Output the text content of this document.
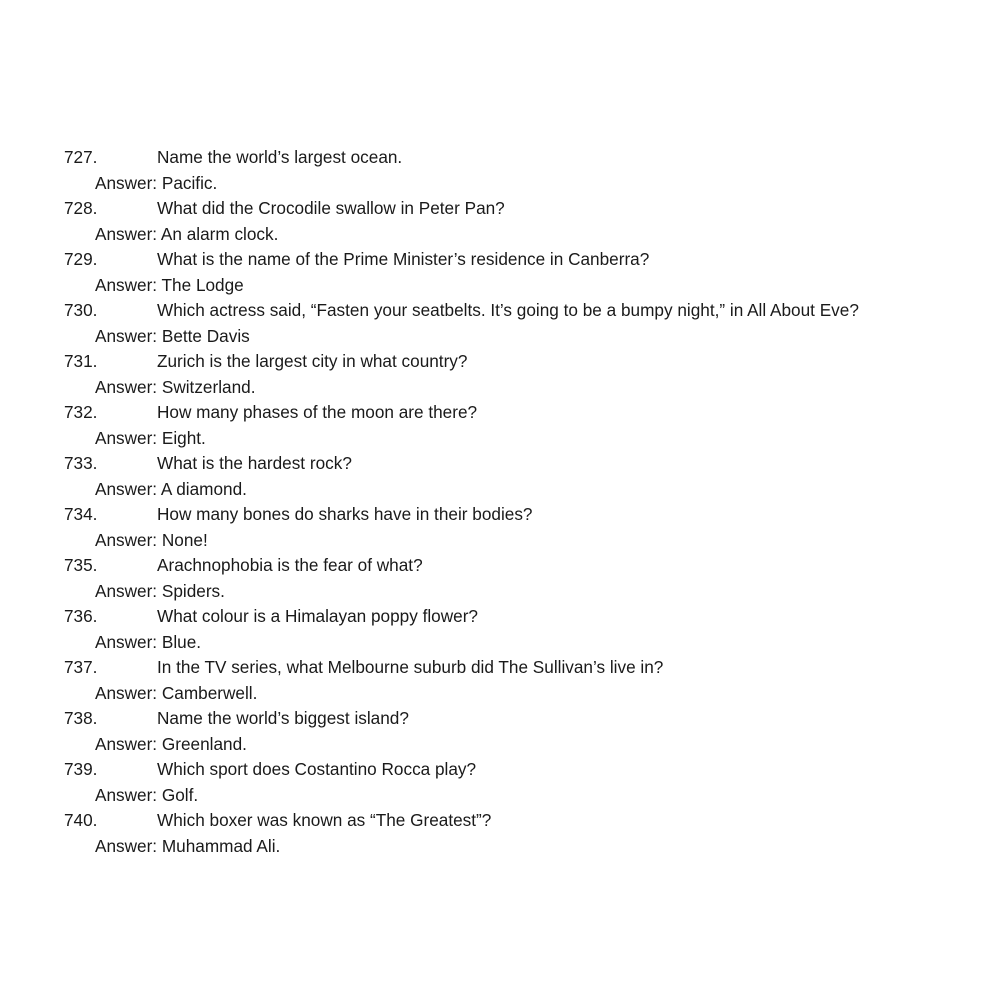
727.	Name the world’s largest ocean.
Answer: Pacific.
728.	What did the Crocodile swallow in Peter Pan?
Answer: An alarm clock.
729.	What is the name of the Prime Minister’s residence in Canberra?
Answer: The Lodge
730.	Which actress said, “Fasten your seatbelts. It’s going to be a bumpy night,” in All About Eve?
Answer: Bette Davis
731.	Zurich is the largest city in what country?
Answer: Switzerland.
732.	How many phases of the moon are there?
Answer: Eight.
733.	What is the hardest rock?
Answer: A diamond.
734.	How many bones do sharks have in their bodies?
Answer: None!
735.	Arachnophobia is the fear of what?
Answer: Spiders.
736.	What colour is a Himalayan poppy flower?
Answer: Blue.
737.	In the TV series, what Melbourne suburb did The Sullivan’s live in?
Answer: Camberwell.
738.	Name the world’s biggest island?
Answer: Greenland.
739.	Which sport does Costantino Rocca play?
Answer: Golf.
740.	Which boxer was known as “The Greatest”?
Answer: Muhammad Ali.
